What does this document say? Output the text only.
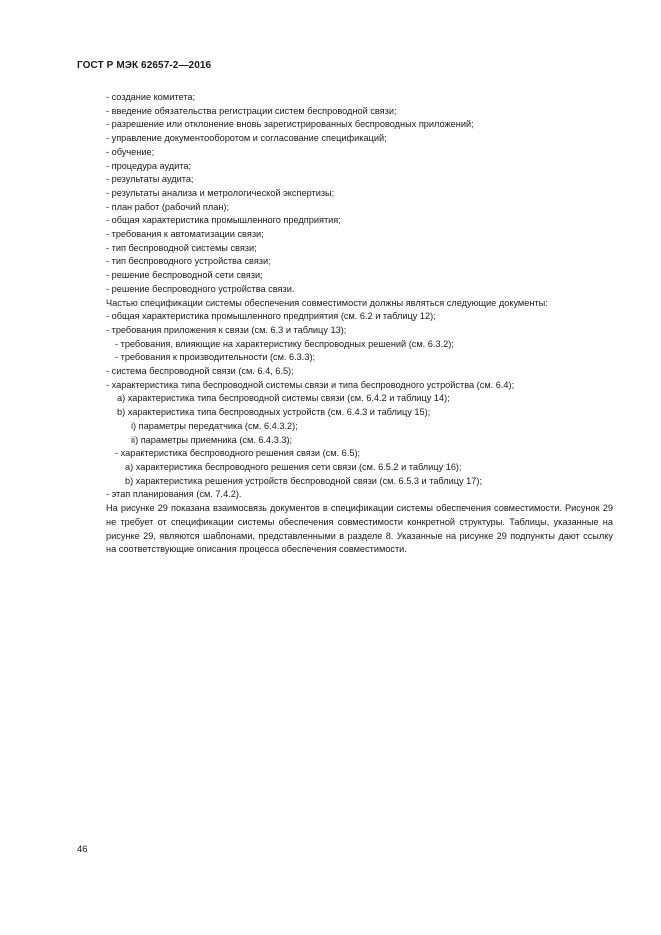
ГОСТ Р МЭК 62657-2—2016
- создание комитета;
- введение обязательства регистрации систем беспроводной связи;
- разрешение или отклонение вновь зарегистрированных беспроводных приложений;
- управление документооборотом и согласование спецификаций;
- обучение;
- процедура аудита;
- результаты аудита;
- результаты анализа и метрологической экспертизы;
- план работ (рабочий план);
- общая характеристика промышленного предприятия;
- требования к автоматизации связи;
- тип беспроводной системы связи;
- тип беспроводного устройства связи;
- решение беспроводной сети связи;
- решение беспроводного устройства связи.
Частью спецификации системы обеспечения совместимости должны являться следующие документы:
- общая характеристика промышленного предприятия (см. 6.2 и таблицу 12);
- требования приложения к связи (см. 6.3 и таблицу 13);
- требования, влияющие на характеристику беспроводных решений (см. 6.3.2);
- требования к производительности (см. 6.3.3);
- система беспроводной связи (см. 6.4, 6.5);
- характеристика типа беспроводной системы связи и типа беспроводного устройства (см. 6.4);
a) характеристика типа беспроводной системы связи (см. 6.4.2 и таблицу 14);
b) характеристика типа беспроводных устройств (см. 6.4.3 и таблицу 15);
i) параметры передатчика (см. 6.4.3.2);
ii) параметры приемника (см. 6.4.3.3);
- характеристика беспроводного решения связи (см. 6.5);
a) характеристика беспроводного решения сети связи (см. 6.5.2 и таблицу 16);
b) характеристика решения устройств беспроводной связи (см. 6.5.3 и таблицу 17);
- этап планирования (см. 7.4.2).
На рисунке 29 показана взаимосвязь документов в спецификации системы обеспечения совместимости. Рисунок 29 не требует от спецификации системы обеспечения совместимости конкретной структуры. Таблицы, указанные на рисунке 29, являются шаблонами, представленными в разделе 8. Указанные на рисунке 29 подпункты дают ссылку на соответствующие описания процесса обеспечения совместимости.
46
